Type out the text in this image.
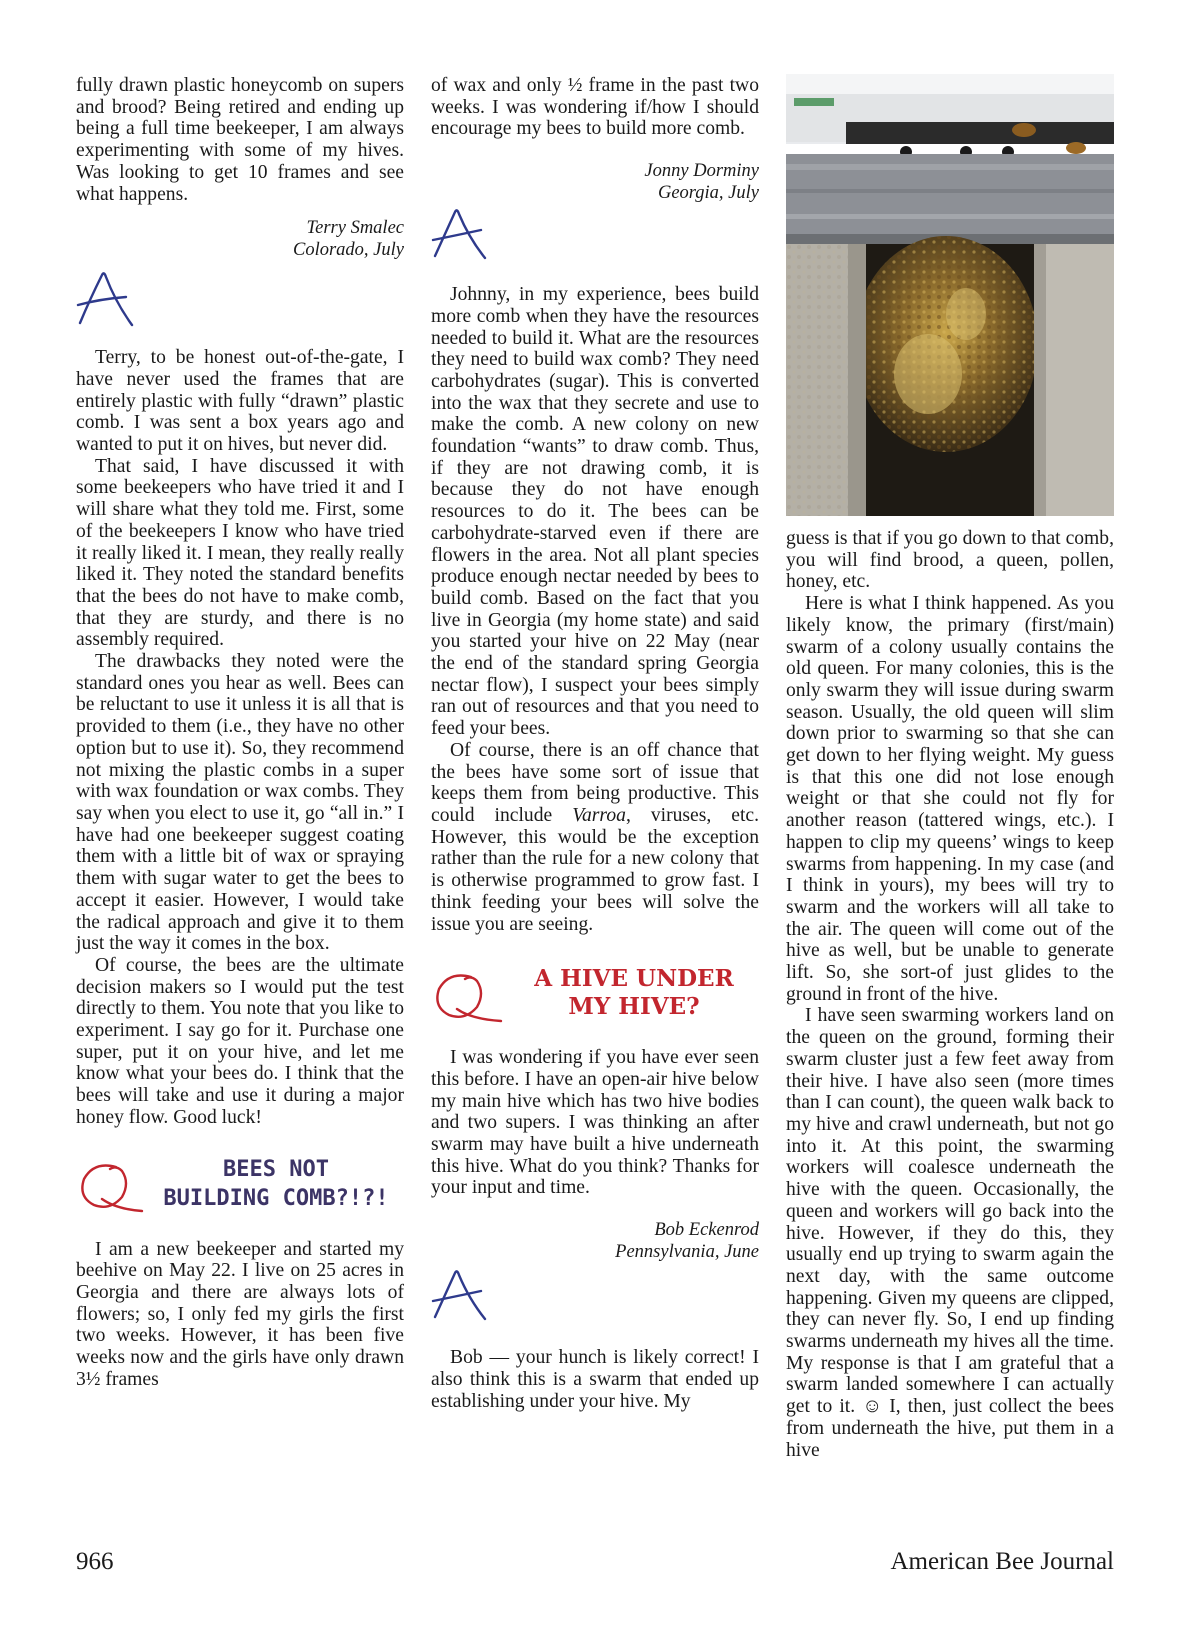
fully drawn plastic honeycomb on supers and brood? Being retired and ending up being a full time beekeeper, I am always experimenting with some of my hives. Was looking to get 10 frames and see what happens.

Terry Smalec
Colorado, July

Terry, to be honest out-of-the-gate, I have never used the frames that are entirely plastic with fully “drawn” plastic comb. I was sent a box years ago and wanted to put it on hives, but never did.

That said, I have discussed it with some beekeepers who have tried it and I will share what they told me. First, some of the beekeepers I know who have tried it really liked it. I mean, they really really liked it. They noted the standard benefits that the bees do not have to make comb, that they are sturdy, and there is no assembly required.

The drawbacks they noted were the standard ones you hear as well. Bees can be reluctant to use it unless it is all that is provided to them (i.e., they have no other option but to use it). So, they recommend not mixing the plastic combs in a super with wax foundation or wax combs. They say when you elect to use it, go “all in.” I have had one beekeeper suggest coating them with a little bit of wax or spraying them with sugar water to get the bees to accept it easier. However, I would take the radical approach and give it to them just the way it comes in the box.

Of course, the bees are the ultimate decision makers so I would put the test directly to them. You note that you like to experiment. I say go for it. Purchase one super, put it on your hive, and let me know what your bees do. I think that the bees will take and use it during a major honey flow. Good luck!

BEES NOT
BUILDING COMB?!?!

I am a new beekeeper and started my beehive on May 22. I live on 25 acres in Georgia and there are always lots of flowers; so, I only fed my girls the first two weeks. However, it has been five weeks now and the girls have only drawn 3½ frames

of wax and only ½ frame in the past two weeks. I was wondering if/how I should encourage my bees to build more comb.

Jonny Dorminy
Georgia, July

Johnny, in my experience, bees build more comb when they have the resources needed to build it. What are the resources they need to build wax comb? They need carbohydrates (sugar). This is converted into the wax that they secrete and use to make the comb. A new colony on new foundation “wants” to draw comb. Thus, if they are not drawing comb, it is because they do not have enough resources to do it. The bees can be carbohydrate-starved even if there are flowers in the area. Not all plant species produce enough nectar needed by bees to build comb. Based on the fact that you live in Georgia (my home state) and said you started your hive on 22 May (near the end of the standard spring Georgia nectar flow), I suspect your bees simply ran out of resources and that you need to feed your bees.

Of course, there is an off chance that the bees have some sort of issue that keeps them from being productive. This could include Varroa, viruses, etc. However, this would be the exception rather than the rule for a new colony that is otherwise programmed to grow fast. I think feeding your bees will solve the issue you are seeing.

A HIVE UNDER
MY HIVE?

I was wondering if you have ever seen this before. I have an open-air hive below my main hive which has two hive bodies and two supers. I was thinking an after swarm may have built a hive underneath this hive. What do you think? Thanks for your input and time.

Bob Eckenrod
Pennsylvania, June

Bob — your hunch is likely correct! I also think this is a swarm that ended up establishing under your hive. My

guess is that if you go down to that comb, you will find brood, a queen, pollen, honey, etc.

Here is what I think happened. As you likely know, the primary (first/main) swarm of a colony usually contains the old queen. For many colonies, this is the only swarm they will issue during swarm season. Usually, the old queen will slim down prior to swarming so that she can get down to her flying weight. My guess is that this one did not lose enough weight or that she could not fly for another reason (tattered wings, etc.). I happen to clip my queens’ wings to keep swarms from happening. In my case (and I think in yours), my bees will try to swarm and the workers will all take to the air. The queen will come out of the hive as well, but be unable to generate lift. So, she sort-of just glides to the ground in front of the hive.

I have seen swarming workers land on the queen on the ground, forming their swarm cluster just a few feet away from their hive. I have also seen (more times than I can count), the queen walk back to my hive and crawl underneath, but not go into it. At this point, the swarming workers will coalesce underneath the hive with the queen. Occasionally, the queen and workers will go back into the hive. However, if they do this, they usually end up trying to swarm again the next day, with the same outcome happening. Given my queens are clipped, they can never fly. So, I end up finding swarms underneath my hives all the time. My response is that I am grateful that a swarm landed somewhere I can actually get to it. ☺ I, then, just collect the bees from underneath the hive, put them in a hive

966	American Bee Journal
